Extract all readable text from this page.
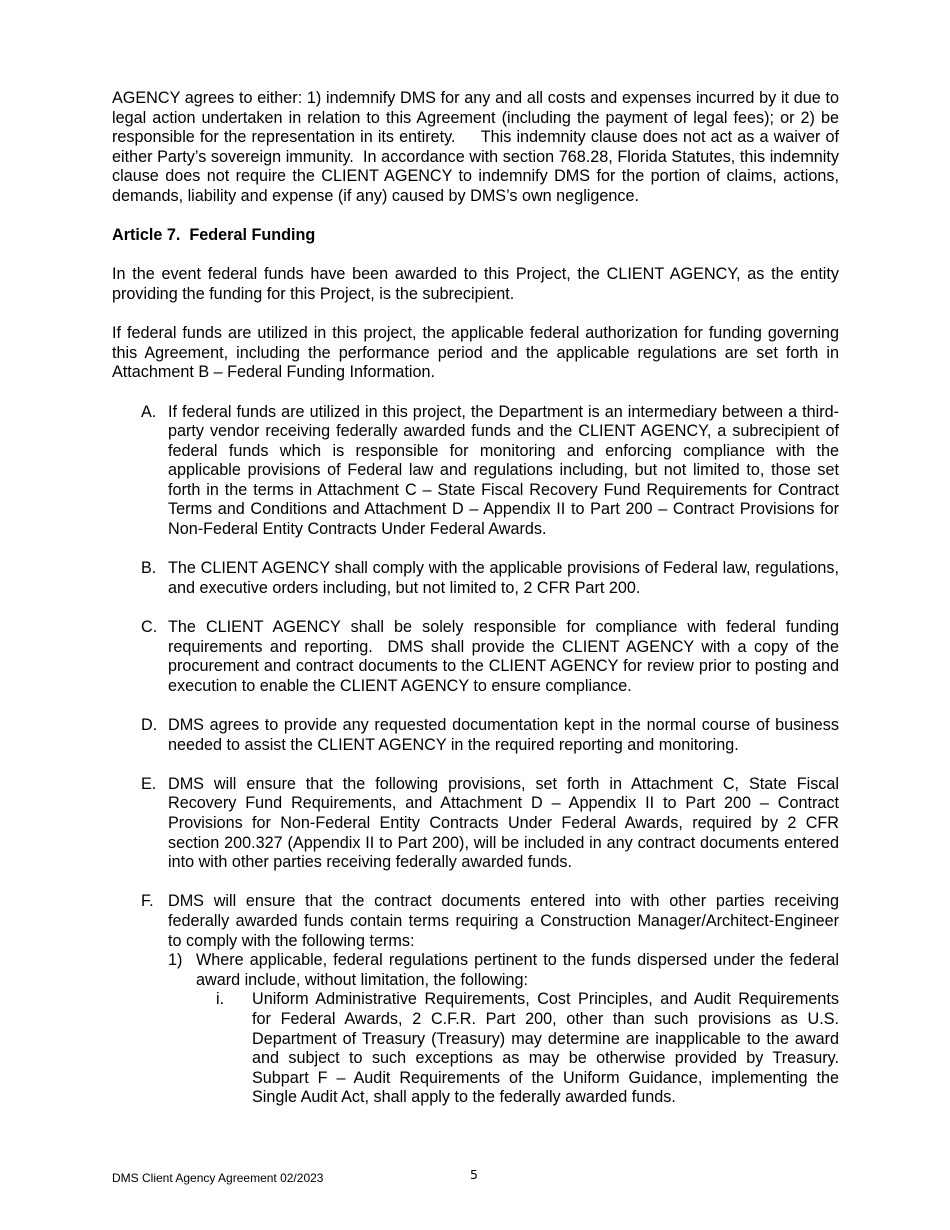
AGENCY agrees to either: 1) indemnify DMS for any and all costs and expenses incurred by it due to legal action undertaken in relation to this Agreement (including the payment of legal fees); or 2) be responsible for the representation in its entirety.     This indemnity clause does not act as a waiver of either Party’s sovereign immunity.  In accordance with section 768.28, Florida Statutes, this indemnity clause does not require the CLIENT AGENCY to indemnify DMS for the portion of claims, actions, demands, liability and expense (if any) caused by DMS’s own negligence.

Article 7.  Federal Funding

In the event federal funds have been awarded to this Project, the CLIENT AGENCY, as the entity providing the funding for this Project, is the subrecipient.

If federal funds are utilized in this project, the applicable federal authorization for funding governing this Agreement, including the performance period and the applicable regulations are set forth in Attachment B – Federal Funding Information.

A. If federal funds are utilized in this project, the Department is an intermediary between a third-party vendor receiving federally awarded funds and the CLIENT AGENCY, a subrecipient of federal funds which is responsible for monitoring and enforcing compliance with the applicable provisions of Federal law and regulations including, but not limited to, those set forth in the terms in Attachment C – State Fiscal Recovery Fund Requirements for Contract Terms and Conditions and Attachment D – Appendix II to Part 200 – Contract Provisions for Non-Federal Entity Contracts Under Federal Awards.

B. The CLIENT AGENCY shall comply with the applicable provisions of Federal law, regulations, and executive orders including, but not limited to, 2 CFR Part 200.

C. The CLIENT AGENCY shall be solely responsible for compliance with federal funding requirements and reporting.  DMS shall provide the CLIENT AGENCY with a copy of the procurement and contract documents to the CLIENT AGENCY for review prior to posting and execution to enable the CLIENT AGENCY to ensure compliance.

D. DMS agrees to provide any requested documentation kept in the normal course of business needed to assist the CLIENT AGENCY in the required reporting and monitoring.

E. DMS will ensure that the following provisions, set forth in Attachment C, State Fiscal Recovery Fund Requirements, and Attachment D – Appendix II to Part 200 – Contract Provisions for Non-Federal Entity Contracts Under Federal Awards, required by 2 CFR section 200.327 (Appendix II to Part 200), will be included in any contract documents entered into with other parties receiving federally awarded funds.

F. DMS will ensure that the contract documents entered into with other parties receiving federally awarded funds contain terms requiring a Construction Manager/Architect-Engineer to comply with the following terms:

1) Where applicable, federal regulations pertinent to the funds dispersed under the federal award include, without limitation, the following:

i. Uniform Administrative Requirements, Cost Principles, and Audit Requirements for Federal Awards, 2 C.F.R. Part 200, other than such provisions as U.S. Department of Treasury (Treasury) may determine are inapplicable to the award and subject to such exceptions as may be otherwise provided by Treasury. Subpart F – Audit Requirements of the Uniform Guidance, implementing the Single Audit Act, shall apply to the federally awarded funds.

DMS Client Agency Agreement 02/2023	5
